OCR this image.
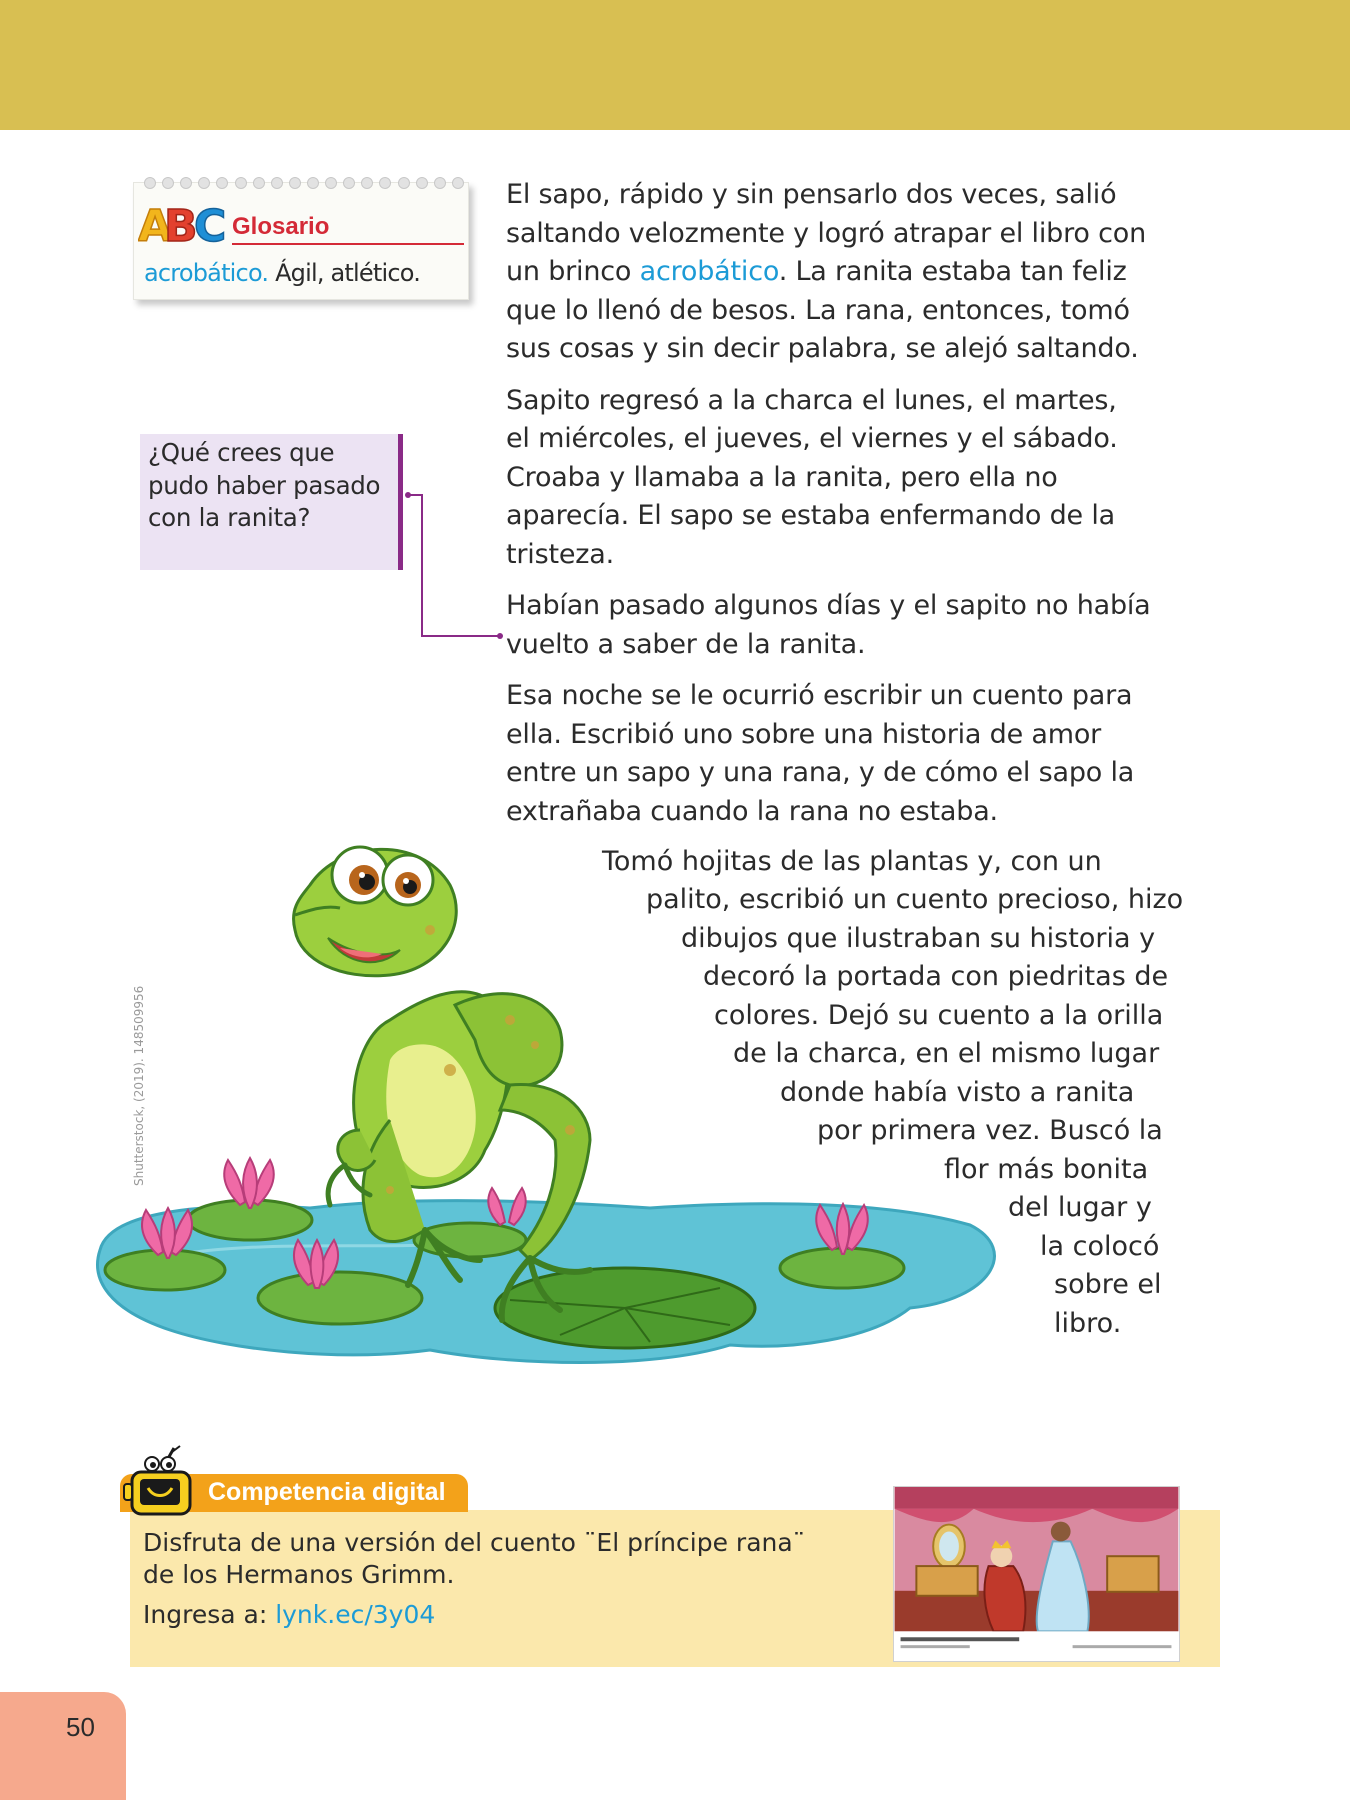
A
B
C Glosario
acrobático. Ágil, atlético.
¿Qué crees que pudo haber pasado con la ranita?

El sapo, rápido y sin pensarlo dos veces, salió
saltando velozmente y logró atrapar el libro con
un brinco acrobático. La ranita estaba tan feliz
que lo llenó de besos. La rana, entonces, tomó
sus cosas y sin decir palabra, se alejó saltando.

Sapito regresó a la charca el lunes, el martes,
el miércoles, el jueves, el viernes y el sábado.
Croaba y llamaba a la ranita, pero ella no
aparecía. El sapo se estaba enfermando de la
tristeza.

Habían pasado algunos días y el sapito no había
vuelto a saber de la ranita.

Esa noche se le ocurrió escribir un cuento para
ella. Escribió uno sobre una historia de amor
entre un sapo y una rana, y de cómo el sapo la
extrañaba cuando la rana no estaba.

Shutterstock, (2019). 148509956
Tomó hojitas de las plantas y, con un
palito, escribió un cuento precioso, hizo
dibujos que ilustraban su historia y
decoró la portada con piedritas de
colores. Dejó su cuento a la orilla
de la charca, en el mismo lugar
donde había visto a ranita
por primera vez. Buscó la
flor más bonita
del lugar y
la colocó
sobre el
libro.
Competencia digital
Disfruta de una versión del cuento ¨El príncipe rana¨
de los Hermanos Grimm.
Ingresa a: lynk.ec/3y04
50
